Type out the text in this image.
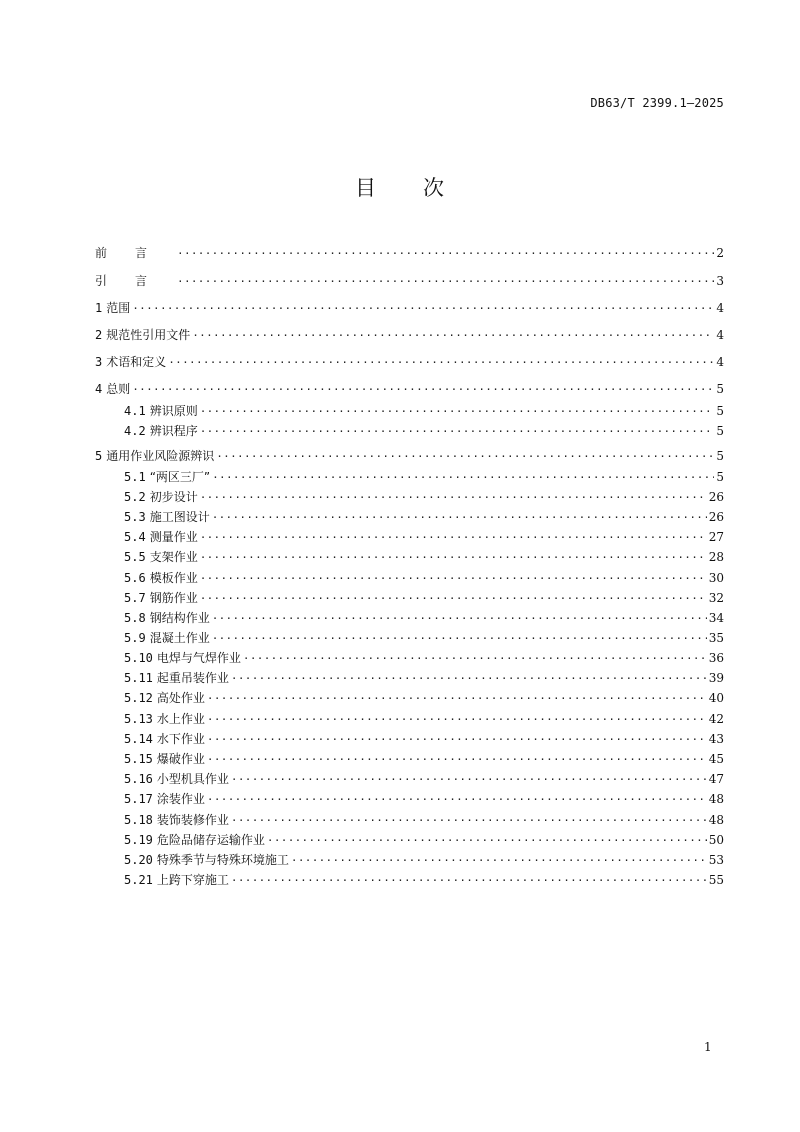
DB63/T 2399.1—2025
目 次
前言 .....	2
引言 .....	3
1 范围 .....	4
2 规范性引用文件 .....	4
3 术语和定义 .....	4
4 总则 .....	5
4.1 辨识原则 .....	5
4.2 辨识程序 .....	5
5 通用作业风险源辨识 .....	5
5.1 “两区三厂” .....	5
5.2 初步设计 .....	26
5.3 施工图设计 .....	26
5.4 测量作业 .....	27
5.5 支架作业 .....	28
5.6 模板作业 .....	30
5.7 钢筋作业 .....	32
5.8 钢结构作业 .....	34
5.9 混凝土作业 .....	35
5.10 电焊与气焊作业 .....	36
5.11 起重吊装作业 .....	39
5.12 高处作业 .....	40
5.13 水上作业 .....	42
5.14 水下作业 .....	43
5.15 爆破作业 .....	45
5.16 小型机具作业 .....	47
5.17 涂装作业 .....	48
5.18 装饰装修作业 .....	48
5.19 危险品储存运输作业 .....	50
5.20 特殊季节与特殊环境施工 .....	53
5.21 上跨下穿施工 .....	55
1
